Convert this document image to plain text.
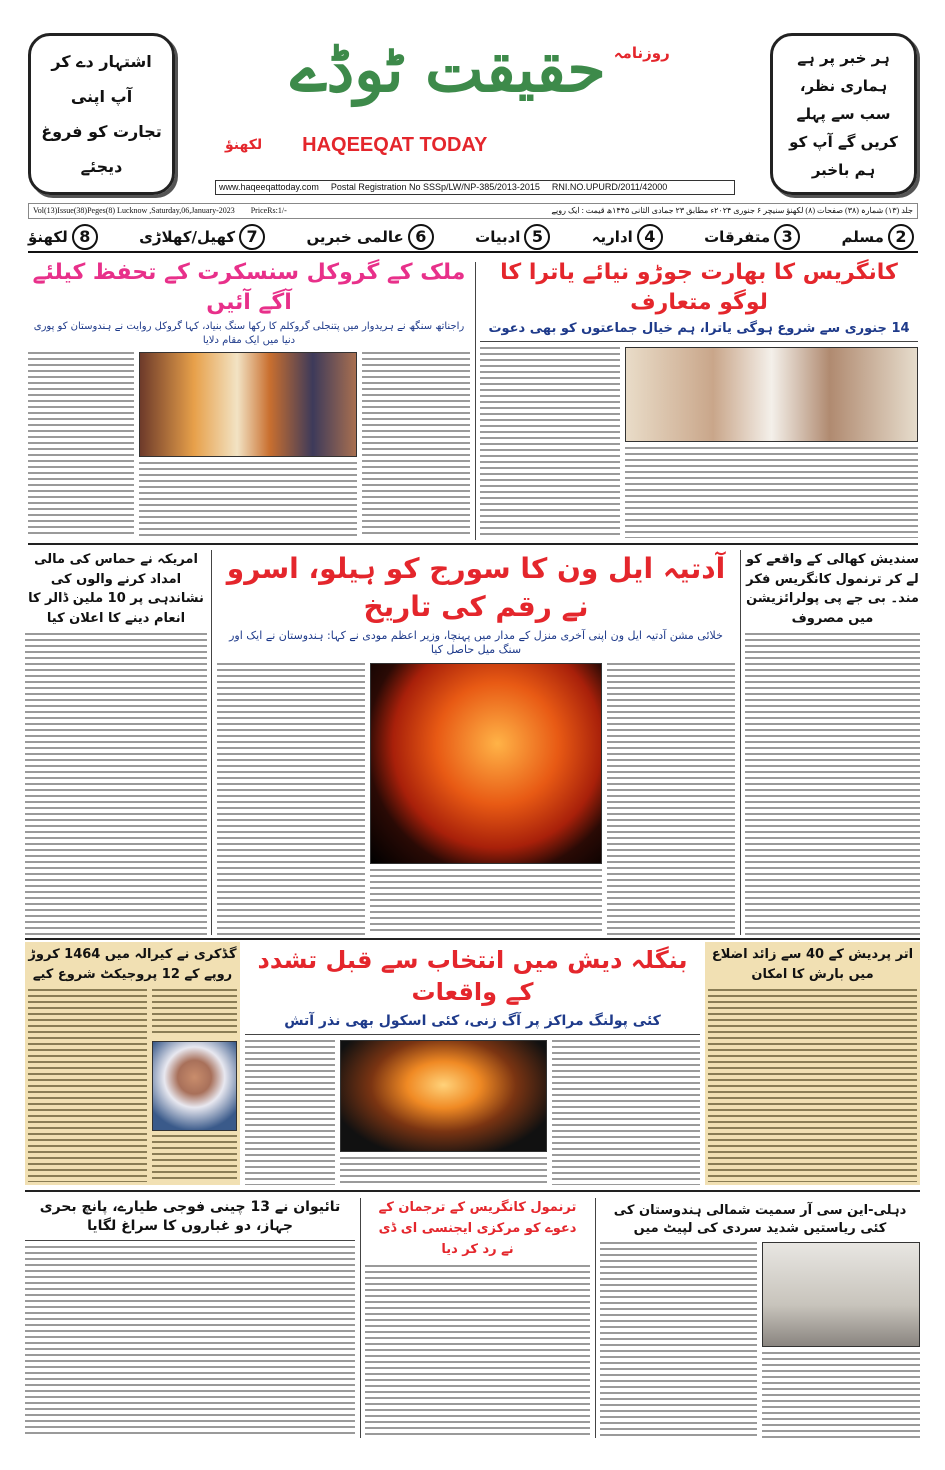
اشتہار دے کر
آپ اپنی
تجارت کو فروغ
دیجئے
ہر خبر پر ہے
ہماری نظر،
سب سے پہلے
کریں گے آپ کو
ہم باخبر
روزنامہ
حقیقت ٹوڈے
لکھنؤ HAQEEQAT TODAY
www.haqeeqattoday.com Postal Registration No SSSp/LW/NP-385/2013-2015 RNI.NO.UPURD/2011/42000
Vol(13)Issue(38)Peges(8) Lucknow ,Saturday,06,January-2023 PriceRs:1/-	جلد (۱۳) شمارہ (۳۸) صفحات (۸) لکھنؤ سنیچر ۶ جنوری ۲۰۲۴ء مطابق ۲۳ جمادی الثانی ۱۴۴۵ھ قیمت : ایک روپے
2
مسلم
3
متفرقات
4
اداریہ
5
ادبیات
6
عالمی خبریں
7
کھیل/کھلاڑی
8
لکھنؤ
کانگریس کا بھارت جوڑو نیائے یاترا کا لوگو متعارف
14 جنوری سے شروع ہوگی یاترا، ہم خیال جماعتوں کو بھی دعوت
ملک کے گروکل سنسکرت کے تحفظ کیلئے آگے آئیں
راجناتھ سنگھ نے ہریدوار میں پتنجلی گروکلم کا رکھا سنگ بنیاد، کہا گروکل روایت نے ہندوستان کو پوری دنیا میں ایک مقام دلایا
امریکہ نے حماس کی مالی امداد کرنے والوں کی نشاندہی پر 10 ملین ڈالر کا انعام دینے کا اعلان کیا
آدتیہ ایل ون کا سورج کو ہیلو، اسرو نے رقم کی تاریخ
خلائی مشن آدتیہ ایل ون اپنی آخری منزل کے مدار میں پہنچا، وزیر اعظم مودی نے کہا: ہندوستان نے ایک اور سنگ میل حاصل کیا
سندیش کھالی کے واقعے کو لے کر ترنمول کانگریس فکر مند۔ بی جے پی پولرائزیشن میں مصروف
گڈکری نے کیرالہ میں 1464 کروڑ روپے کے 12 پروجیکٹ شروع کیے	بنگلہ دیش میں انتخاب سے قبل تشدد کے واقعات
کئی پولنگ مراکز پر آگ زنی، کئی اسکول بھی نذر آتش
اتر پردیش کے 40 سے زائد اضلاع میں بارش کا امکان
تائیوان نے 13 چینی فوجی طیارے، پانچ بحری جہاز، دو غباروں کا سراغ لگایا
ترنمول کانگریس کے ترجمان کے دعوے کو مرکزی ایجنسی ای ڈی نے رد کر دیا
دہلی-این سی آر سمیت شمالی ہندوستان کی کئی ریاستیں شدید سردی کی لپیٹ میں
